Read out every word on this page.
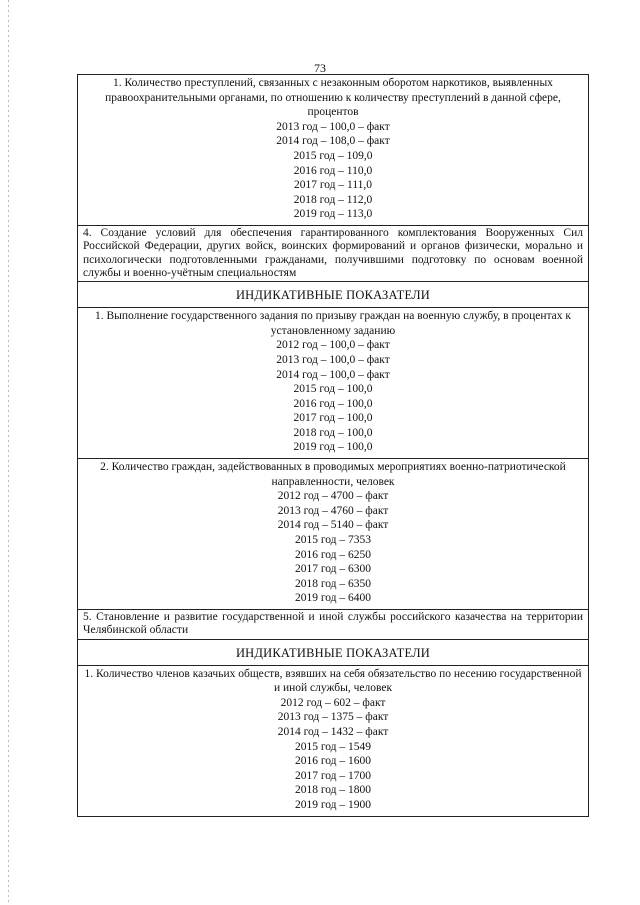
73

1. Количество преступлений, связанных с незаконным оборотом наркотиков, выявленных правоохранительными органами, по отношению к количеству преступлений в данной сфере, процентов

2013 год – 100,0 – факт
2014 год – 108,0 – факт
2015 год – 109,0
2016 год – 110,0
2017 год – 111,0
2018 год – 112,0
2019 год – 113,0
4. Создание условий для обеспечения гарантированного комплектования Вооруженных Сил Российской Федерации, других войск, воинских формирований и органов физически, морально и психологически подготовленными гражданами, получившими подготовку по основам военной службы и военно-учётным специальностям
ИНДИКАТИВНЫЕ ПОКАЗАТЕЛИ

1. Выполнение государственного задания по призыву граждан на военную службу, в процентах к установленному заданию

2012 год – 100,0 – факт
2013 год – 100,0 – факт
2014 год – 100,0 – факт
2015 год – 100,0
2016 год – 100,0
2017 год – 100,0
2018 год – 100,0
2019 год – 100,0

2. Количество граждан, задействованных в проводимых мероприятиях военно-патриотической направленности, человек

2012 год – 4700 – факт
2013 год – 4760 – факт
2014 год – 5140 – факт
2015 год – 7353
2016 год – 6250
2017 год – 6300
2018 год – 6350
2019 год – 6400
5. Становление и развитие государственной и иной службы российского казачества на территории Челябинской области
ИНДИКАТИВНЫЕ ПОКАЗАТЕЛИ

1. Количество членов казачьих обществ, взявших на себя обязательство по несению государственной и иной службы, человек

2012 год – 602 – факт
2013 год – 1375 – факт
2014 год – 1432 – факт
2015 год – 1549
2016 год – 1600
2017 год – 1700
2018 год – 1800
2019 год – 1900
